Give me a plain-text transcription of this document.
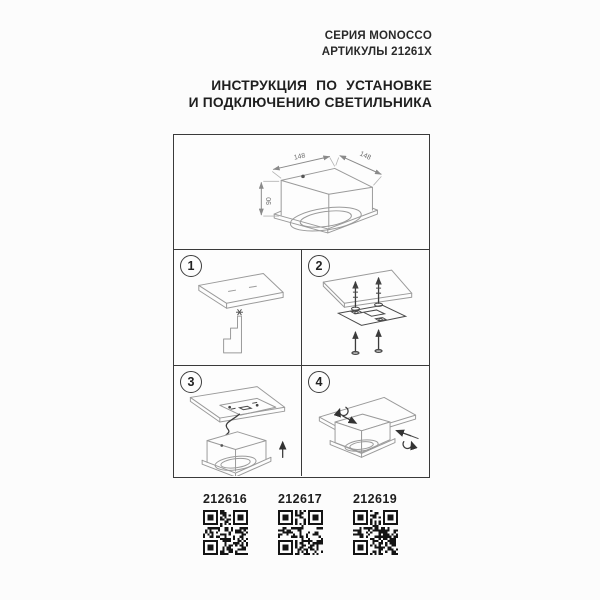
СЕРИЯ MONOCCO
АРТИКУЛЫ 21261X
ИНСТРУКЦИЯ ПО УСТАНОВКЕ
И ПОДКЛЮЧЕНИЮ СВЕТИЛЬНИКА
148	148
90
1	2
3	4
212616	212617	212619
